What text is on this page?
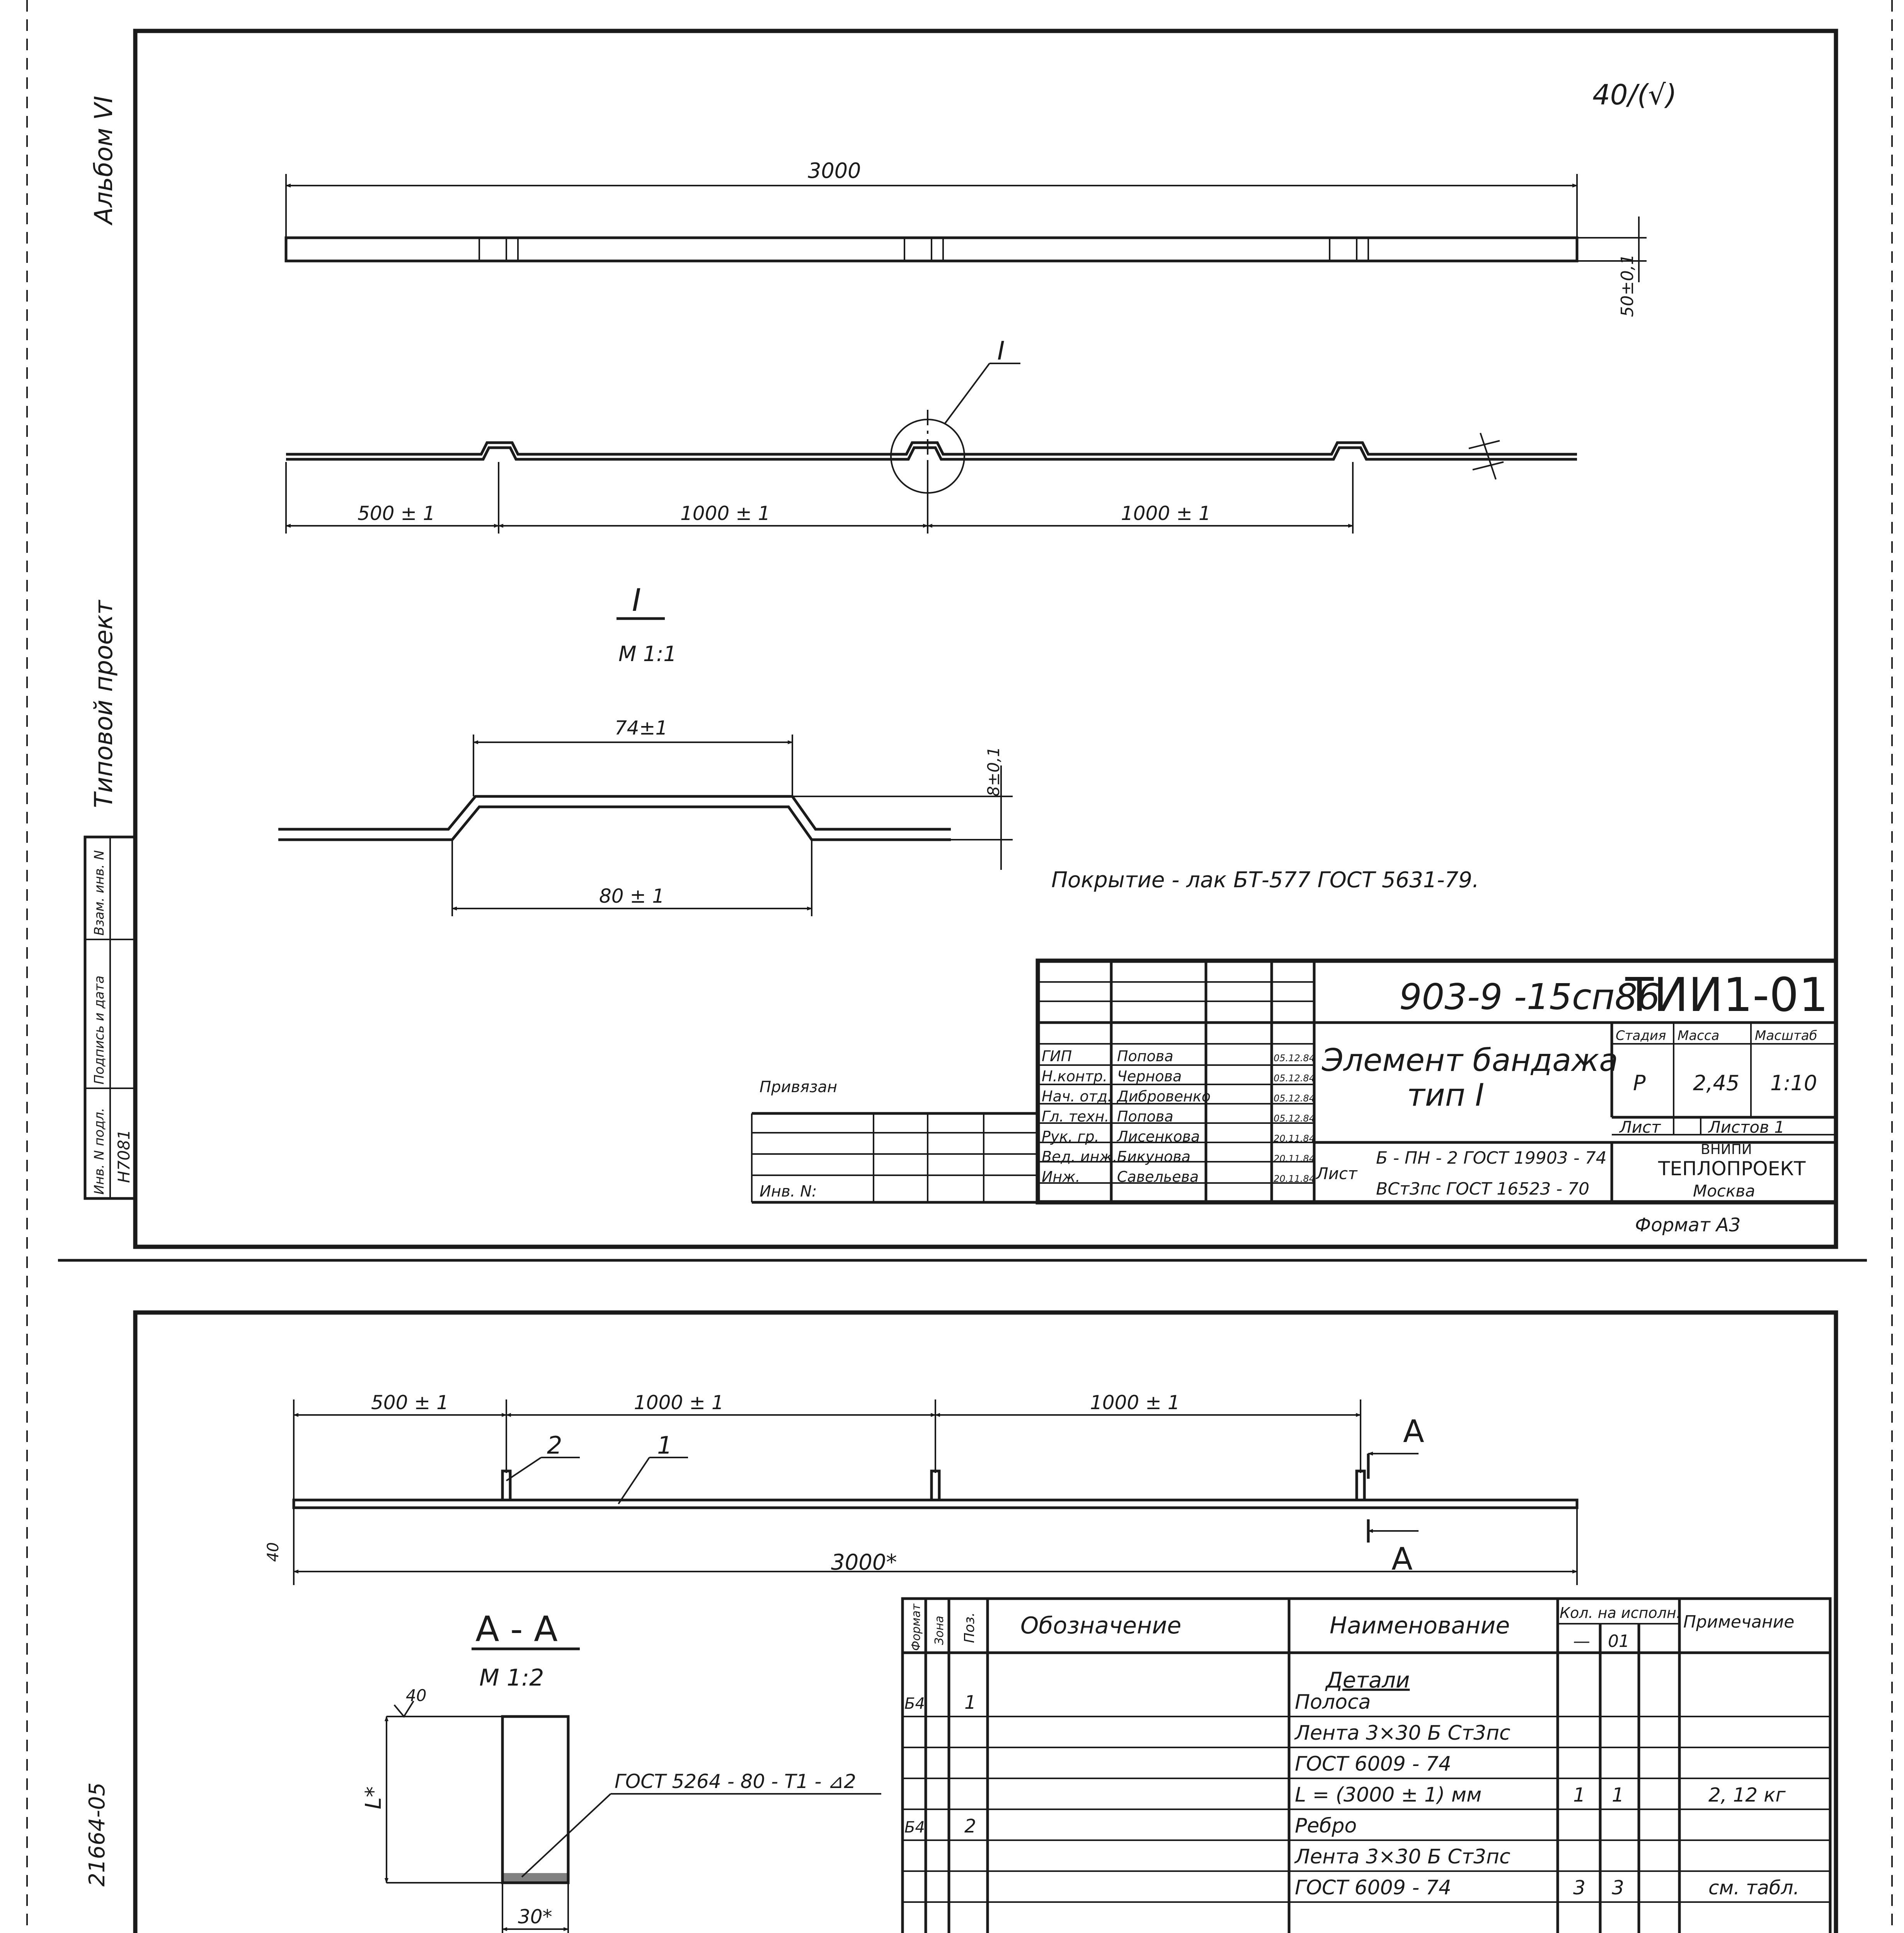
Альбом VI
Типовой проект
Взам. инв. N
Подпись и дата
Инв. N подл. Н7081
21664-05
40/(√)
3000
50±0,1
I
500 ± 1	1000 ± 1	1000 ± 1
I
М 1:1
74±1
80 ± 1
8±0,1
Покрытие - лак БТ-577 ГОСТ 5631-79.
Привязан
Инв. N:
903-9 -15сп86
ТИИ1-01
Элемент бандажа
тип I
Стадия Масса	Масштаб
Р 2,45 1:10
Лист	Листов 1
Лист
Б - ПН - 2 ГОСТ 19903 - 74
ВСт3пс ГОСТ 16523 - 70
ВНИПИ
ТЕПЛОПРОЕКТ
Москва
Формат А3
ГИП	Попова	05.12.84
Н.контр. Чернова	05.12.84
Нач. отд. Дибровенко	05.12.84
Гл. техн. Попова	05.12.84
Рук. гр. Лисенкова	20.11.84
Вед. инж. Бикунова	20.11.84
Инж.	Савельева	20.11.84
500 ± 1	1000 ± 1	1000 ± 1
2	1	А
А
3000*
40
А - А
М 1:2
40
L*
30*
ГОСТ 5264 - 80 - Т1 - ⊿2
Формат Зона Поз. Обозначение	Наименование	Кол. на исполн.
— 01
Примечание
Детали
Б4 1	Полоса
Лента 3×30 Б Ст3пс
ГОСТ 6009 - 74
L = (3000 ± 1) мм	1 1	2, 12 кг
Б4 2	Ребро
Лента 3×30 Б Ст3пс
ГОСТ 6009 - 74	3 3	см. табл.
